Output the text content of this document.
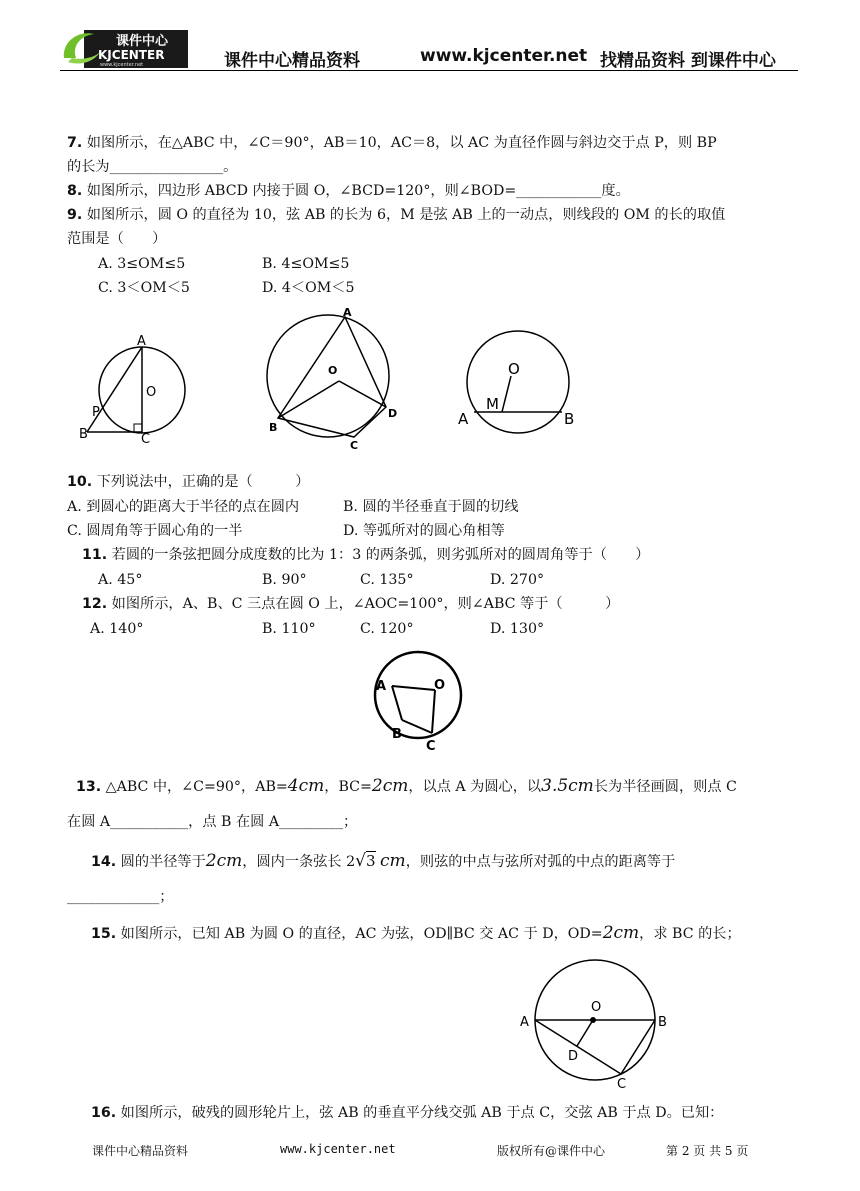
课件中心
KJCENTER
www.kjcenter.net	课件中心精品资料	www.kjcenter.net 找精品资料 到课件中心
7. 如图所示，在△ABC 中，∠C＝90°，AB＝10，AC＝8，以 AC 为直径作圆与斜边交于点 P，则 BP
的长为________________。
8. 如图所示，四边形 ABCD 内接于圆 O，∠BCD=120°，则∠BOD=____________度。
9. 如图所示，圆 O 的直径为 10，弦 AB 的长为 6，M 是弦 AB 上的一动点，则线段的 OM 的长的取值
范围是（　　）
A. 3≤OM≤5	B. 4≤OM≤5
C. 3＜OM＜5	D. 4＜OM＜5
A
O
P
B	C
A
O
B
C
D
O
M
A	B
10. 下列说法中，正确的是（　　　）
A. 到圆心的距离大于半径的点在圆内	B. 圆的半径垂直于圆的切线
C. 圆周角等于圆心角的一半	D. 等弧所对的圆心角相等
11. 若圆的一条弦把圆分成度数的比为 1：3 的两条弧，则劣弧所对的圆周角等于（　　）
A. 45°	B. 90°	C. 135°	D. 270°
12. 如图所示，A、B、C 三点在圆 O 上，∠AOC=100°，则∠ABC 等于（　　　）
A. 140°	B. 110°	C. 120°	D. 130°
A	O
B
C
13. △ABC 中，∠C=90°，AB=4cm，BC=2cm，以点 A 为圆心，以3.5cm长为半径画圆，则点 C
在圆 A___________，点 B 在圆 A_________；
14. 圆的半径等于2cm，圆内一条弦长 2√3 cm，则弦的中点与弦所对弧的中点的距离等于
_____________；
15. 如图所示，已知 AB 为圆 O 的直径，AC 为弦，OD∥BC 交 AC 于 D，OD=2cm，求 BC 的长；
O
A	B
D
C
16. 如图所示，破残的圆形轮片上，弦 AB 的垂直平分线交弧 AB 于点 C，交弦 AB 于点 D。已知：
课件中心精品资料	www.kjcenter.net	版权所有@课件中心	第 2 页 共 5 页
